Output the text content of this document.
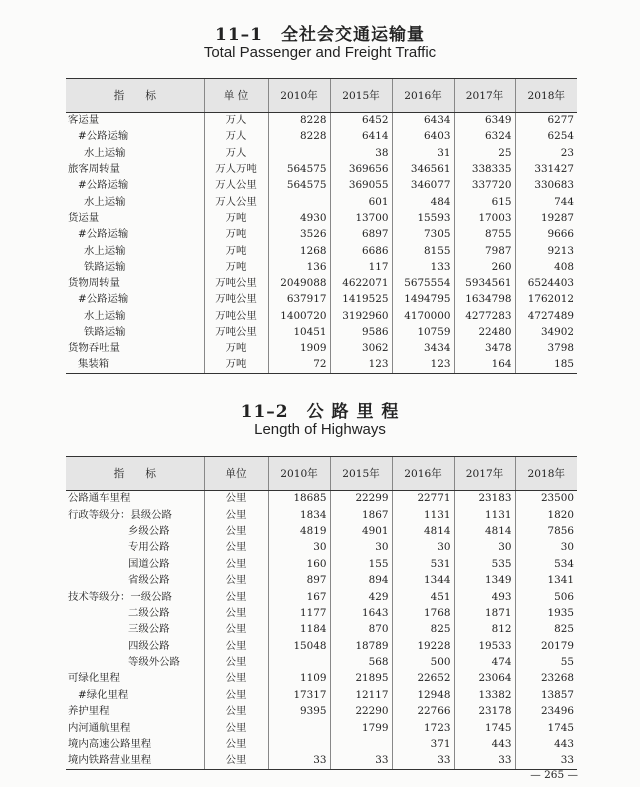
11–1　全社会交通运输量
Total Passenger and Freight Traffic
指　　标	单 位	2010年	2015年	2016年	2017年	2018年
客运量	万人	8228	6452	6434	6349	6277
#公路运输	万人	8228	6414	6403	6324	6254
水上运输	万人		38	31	25	23
旅客周转量	万人万吨	564575	369656	346561	338335	331427
#公路运输	万人公里	564575	369055	346077	337720	330683
水上运输	万人公里		601	484	615	744
货运量	万吨	4930	13700	15593	17003	19287
#公路运输	万吨	3526	6897	7305	8755	9666
水上运输	万吨	1268	6686	8155	7987	9213
铁路运输	万吨	136	117	133	260	408
货物周转量	万吨公里	2049088	4622071	5675554	5934561	6524403
#公路运输	万吨公里	637917	1419525	1494795	1634798	1762012
水上运输	万吨公里	1400720	3192960	4170000	4277283	4727489
铁路运输	万吨公里	10451	9586	10759	22480	34902
货物吞吐量	万吨	1909	3062	3434	3478	3798
集装箱	万吨	72	123	123	164	185
11–2　公 路 里 程
Length of Highways
指　　标	单位	2010年	2015年	2016年	2017年	2018年
公路通车里程	公里	18685	22299	22771	23183	23500
行政等级分：县级公路	公里	1834	1867	1131	1131	1820
乡级公路	公里	4819	4901	4814	4814	7856
专用公路	公里	30	30	30	30	30
国道公路	公里	160	155	531	535	534
省级公路	公里	897	894	1344	1349	1341
技术等级分：一级公路	公里	167	429	451	493	506
二级公路	公里	1177	1643	1768	1871	1935
三级公路	公里	1184	870	825	812	825
四级公路	公里	15048	18789	19228	19533	20179
等级外公路	公里		568	500	474	55
可绿化里程	公里	1109	21895	22652	23064	23268
#绿化里程	公里	17317	12117	12948	13382	13857
养护里程	公里	9395	22290	22766	23178	23496
内河通航里程	公里		1799	1723	1745	1745
境内高速公路里程	公里			371	443	443
境内铁路营业里程	公里	33	33	33	33	33
— 265 —
